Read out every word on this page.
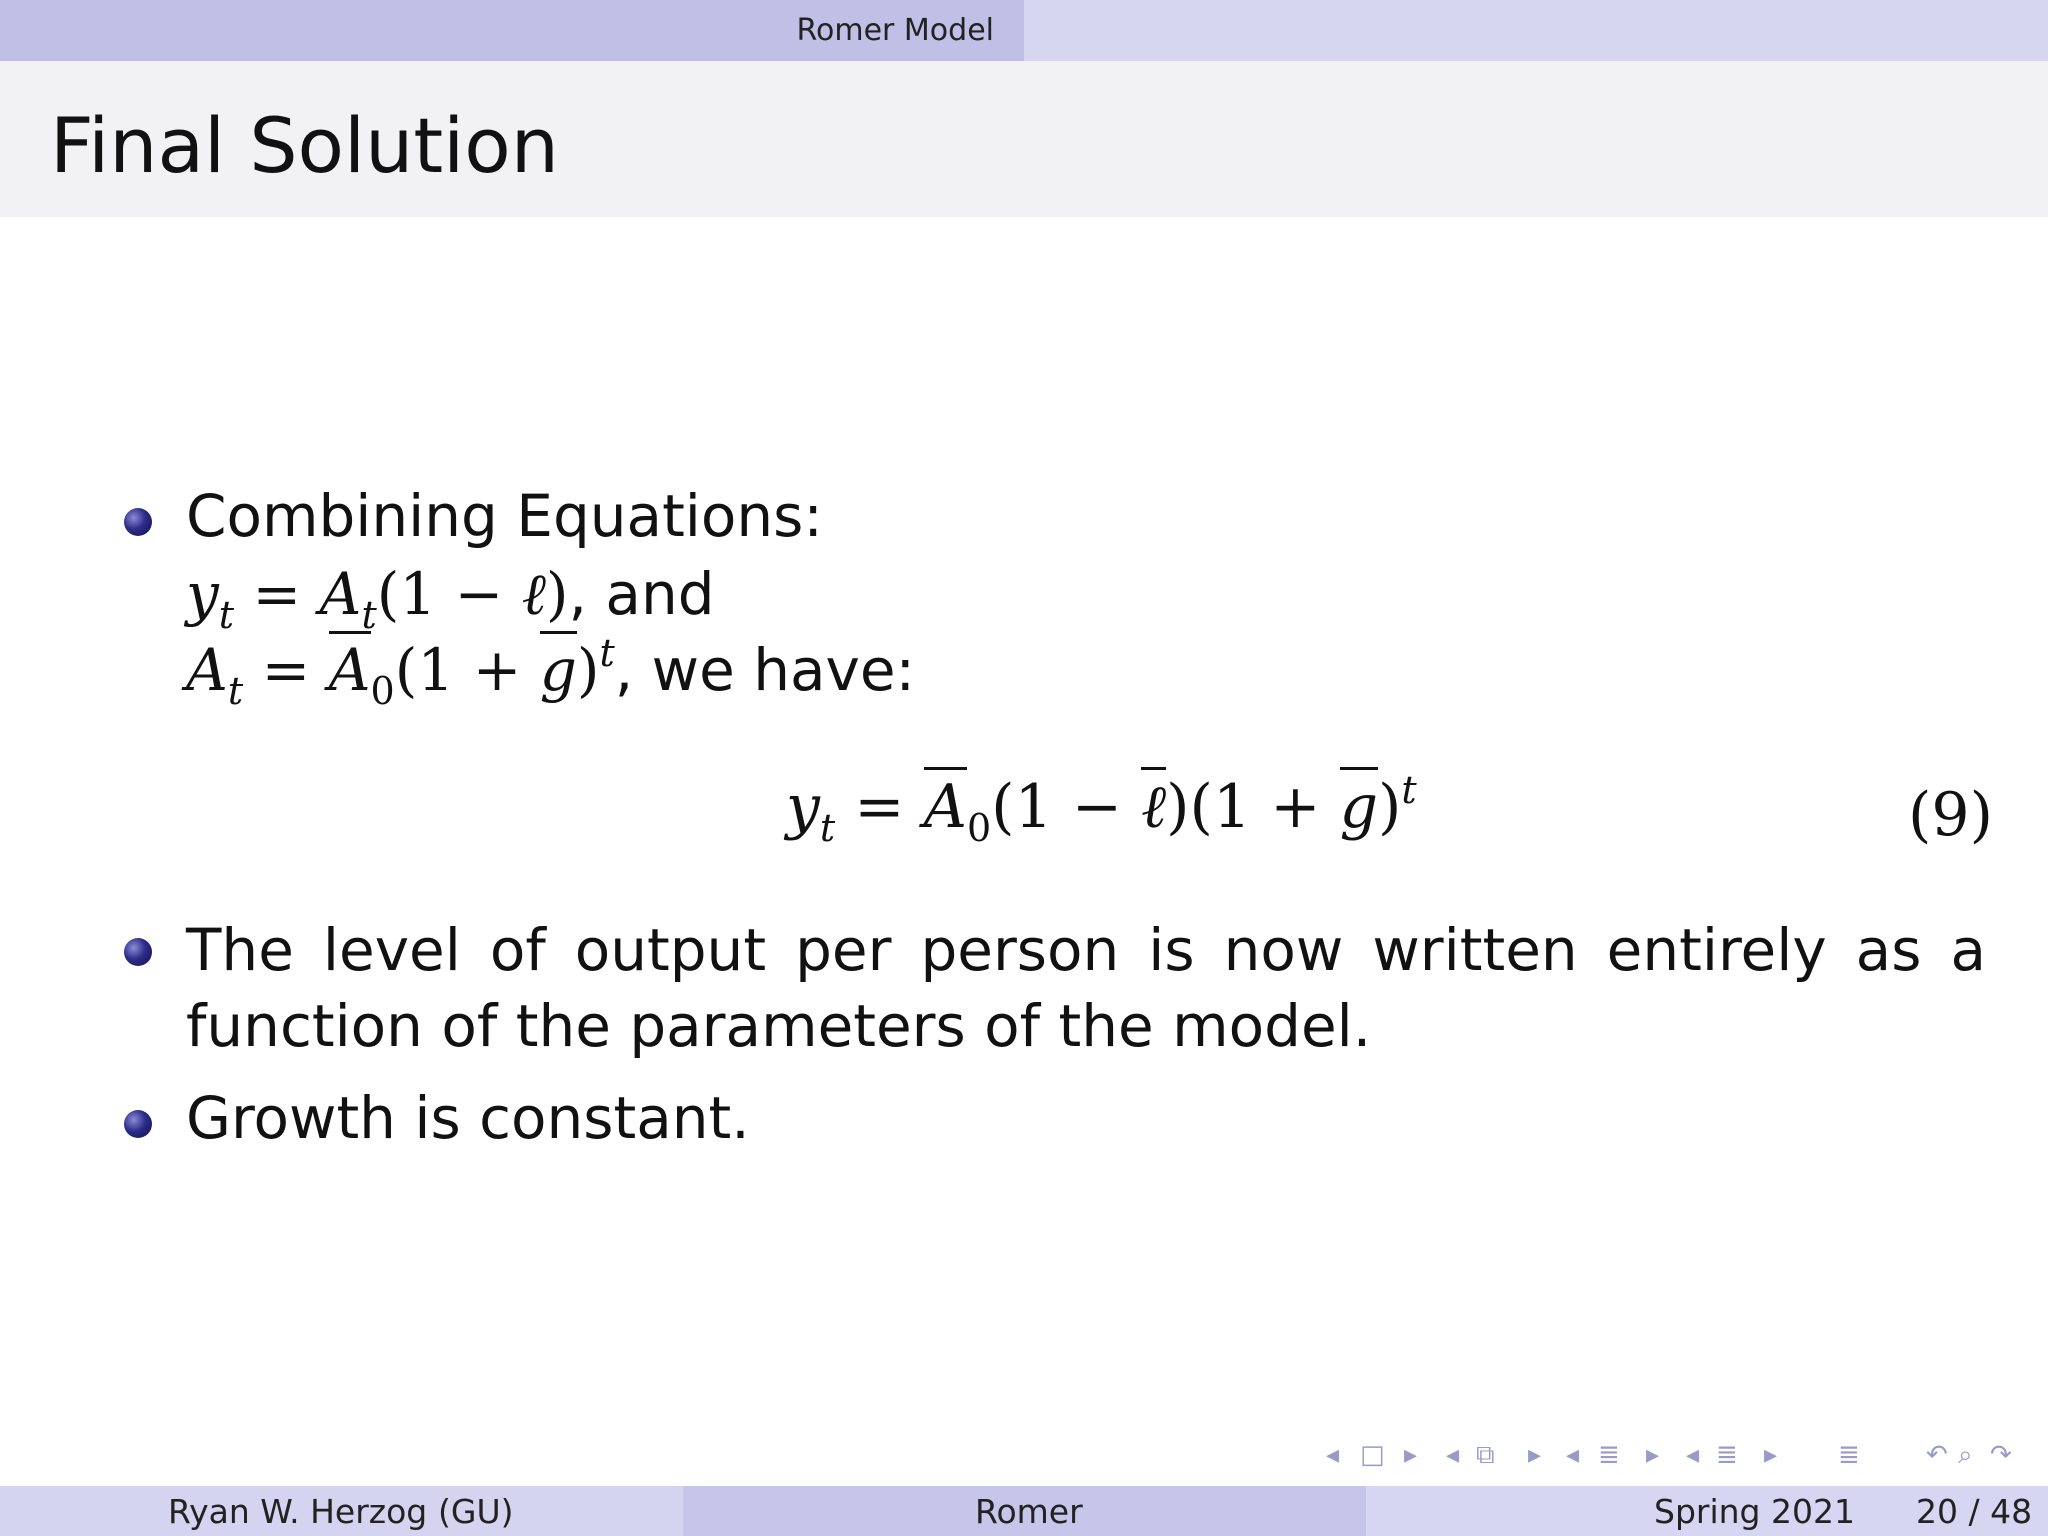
Romer Model
Final Solution
Combining Equations:
$y_t = A_t(1$ − ℓ), and
$A_t = A_0(1 + g)^t$, we have:
$y_t = A_0(1$ − ℓ)(1 + g)$^t$	(9)
The level of output per person is now written entirely as a function of the parameters of the model.
Growth is constant.
◂ □ ▸ ◂ ⧉ ▸ ◂ ≣ ▸ ◂ ≣ ▸ ≣	↶ ⌕ ↷
Ryan W. Herzog (GU)	Romer	Spring 2021 20 / 48
